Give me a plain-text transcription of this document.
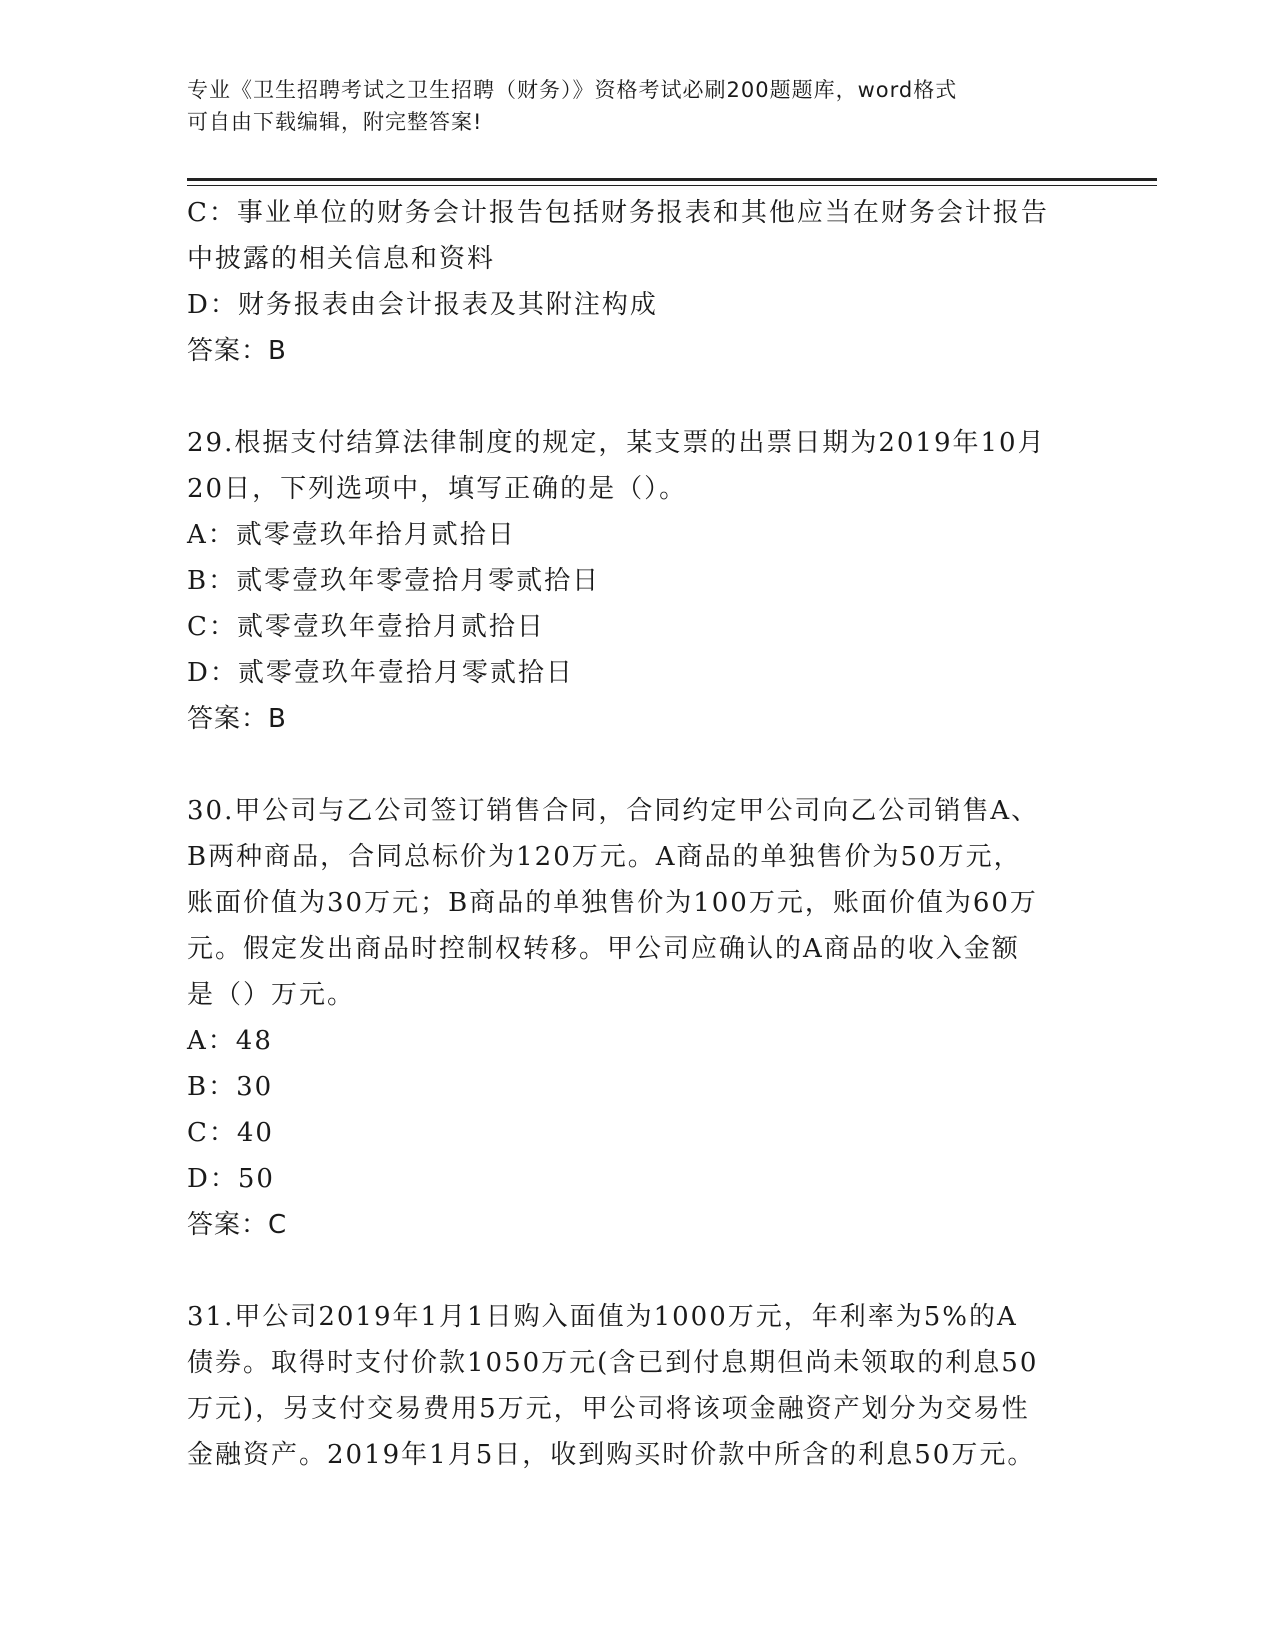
专业《卫生招聘考试之卫生招聘（财务）》资格考试必刷200题题库，word格式
可自由下载编辑，附完整答案!
C：事业单位的财务会计报告包括财务报表和其他应当在财务会计报告
中披露的相关信息和资料
D：财务报表由会计报表及其附注构成
答案：B
29.根据支付结算法律制度的规定，某支票的出票日期为2019年10月
20日，下列选项中，填写正确的是（）。
A：贰零壹玖年拾月贰拾日
B：贰零壹玖年零壹拾月零贰拾日
C：贰零壹玖年壹拾月贰拾日
D：贰零壹玖年壹拾月零贰拾日
答案：B
30.甲公司与乙公司签订销售合同，合同约定甲公司向乙公司销售A、
B两种商品，合同总标价为120万元。A商品的单独售价为50万元，
账面价值为30万元；B商品的单独售价为100万元，账面价值为60万
元。假定发出商品时控制权转移。甲公司应确认的A商品的收入金额
是（）万元。
A：48
B：30
C：40
D：50
答案：C
31.甲公司2019年1月1日购入面值为1000万元，年利率为5%的A
债券。取得时支付价款1050万元(含已到付息期但尚未领取的利息50
万元)，另支付交易费用5万元，甲公司将该项金融资产划分为交易性
金融资产。2019年1月5日，收到购买时价款中所含的利息50万元。
